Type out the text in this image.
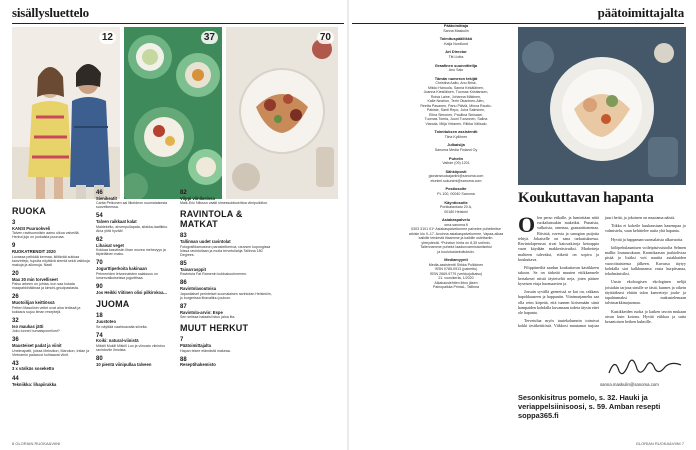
sisällysluettelo
12	37	70
RUOKA
3
KANSI Puuruokveli
Talven ravitsumoilsin aamu ulkoa valveillä. Herkut juju on jonkaista puuroaa.
9
RUOKATRENDIT 2020
Luvassa pelkkää kermaa, kiiltävää sukkaa kanvettejo, tupulta nöyttävä siemiä sekä valkkoja makuja ja allomuja. Nastl
20
Max 30 min torvelliseet
Palsu arkeen on juhlaa, kun saa kokata maapahkinäkinaa ja kimchi-gnudpastasta.
26
Muotoilijan keittiössä
Petteri Masolinin veltet ovat aina terässä ja kokkaus sujuu ilman reseptejä.
32
Iso maukas jätti
Joko tunnet humaisponeilunt?
36
Mausteiset padat ja viinit
Unelmapatit, joissa Meksikon, Marokon, Intian ja Vietnamin padaruot kohtaavat viinit.
43
3 x värikäs soseketto
44
Tekniikka: lihapiirakka
46
Sienikeatit
Carita Pelkonen sai liikeideon suomalaisesta suovelkeessa.
54
Talven raikkaat kalat
Maidekelto, ahvenpullapata, silakka-laattikko. Aina yhtä hyvää!
62
Lihaisat veget
Kokkaa kasviksiin lihan muvea mehevyys ja täyteläinen maku.
70
Jogurttiperkoita kakinaan
Pelmeniden leivonnaisten salaisuus on lumenvalkoiseissa jogurttissa.
90
Jos Heikki Viitinen olisi pilkirokoa...
JUOMA
18
Juustoteo
Se näyttää vaahtoavalta siivelta.
74
Koiki: natural-viinistä
Mikkill Mukill Mikkill Luo ja viinoato viinintuo ravintoviin ilmoista.
80
10 pientä viinipullaa talveen
82
Viippi viinilasissa
Malk-Eric Nilsson vaatii simessoidsoeittoa viinipullollon.
RAVINTOLA & MATKAT
83
Tallinnan uudet ravintolat
Fotografiikamuseon parasteilkerroa, rauvsen kupungissa loissa ravintollaan ja muita tervetuliahja Tallinna 180 Degrees.
85
Taivarrasppit
Ravintola Fat Ramenin kubbakuuhmenen.
86
Ravintolasoutoisa
Japanilaiset perinteiset suomalaisen ravintolan Helsinkiin, jo burgerissa lihavaltiuu jouluon.
87
Ravintola-arvio: Espe
Sen selissa halaaisi istuu jaloa ilta.
MUUT HERKUT
7
Päätoimittajalta
Hapan tekee elämästä makeaa.
88
Reseptihakemisto
8 GLORIAN RUOKA&VIINI
päätoimittajalta
Päätoimittaja
Sanna Maskulin
Toimituspäällikkö
Katja Nordlund
Art Director
Titt Liotta
Graafinen suunnittelija
Anu Salo
Tämän numeron tekijät
Christina Aalto, Anu Brisk,
Mikko Hanuola, Sanna Kekäläinen,
Joanna Kiesiläinen, Tuomas Kristiansen,
Roisa Laine, Johanna Mäkinen,
Kalle Neahun, Terhi Okaninen-Alén,
Reetta Pasanen, Panu Pälviä, Minna Rautio-
Pakiste, Santi Repo, Juha Salminen,
Elina Simonen, Pauliina Sinisaari,
Tuomas Tomla, Juuni Tuovonen, Salina
Vianola, Milja Virtanen, Riikka Välisalo
Toimituksen assistentti
Tiina Kyllönen
Julkaisija
Sanoma Media Finland Oy
Puhelin
Vaihde (09) 1201
Sähköposti
gloriansruokajaviini@sanoma.com
etunimi.sukunimi@sanoma.com
Postiosoite
PL 100, 00040 Sanoma
Käyntiosoite
Porkkalankatu 20 A,
00180 Helsinki
Asiakaspalvelu
oma.sanoma.fi
0303 3101 01* Asiakaspalvelumme palvelee puhelimitse arkisin klo 9–17. Avoinna asiakaspalvelumme, Vapaa-aikaa kaikille lehdestä tilaamme ja kaikille ostettaviin.
yhteydestä. *Puhelun hinta on 8,35 snt/min.
Tallennamme puhelut laadunvarmistamiseksi
ja koulutustarkoituksiin.
Mediamyynti
Media-assistentti Sirkka Pulkkinen
ISSN 0785-0913 (painettu)
ISSN 2669-9779 (verkkojulkaisu)
21. vuosikerta, 1/2020
Aikakauslehtien liiton jäsen
Painopaikka PrintaL, Tallinna
Koukuttavan hapanta

Olen perso etikalle, ja lumiettäan niitä ruokaluissakin makeiksi. Punaista, valkoista, omenaa, granaattiomenaa. Riisistä, ruvesta ja sanogian puijotta tehtyä. Jokaiselle on sana tarkastuksessa. Ravintolaperusat sivat kaiouxkiroja ketoappia vuon käydään makkeräsivuiksi. Marketteja maltteen tulevaksi, etiketti on sopiva ja koukuttava.

Filippiineiltä saadun koukuttavan kastikkeen takoon. Se on tärkeää muuten etiikkamsele kertakeset niistä täyteiseltä neja, joten pääsee kyseisen etuja huomaavien ja.

Jossain syvällä geeneissä se kai on, rakkaus hapokkaaseen ja happaniin. Viinimarjamehu saa olla reim kirpeää, että tunnen kirisemään siinä hampaiden kohdalla kuvamaan todeta täysin ettei ole hapanta.

Tervetulua myös tuutekolumnin toimivat kokki testikeittiöstä. Viikkosi muutamat tarjoaa juuri heitä, ja jokoinen on muutama näistä.

Tiikka ei kokeile kuukaustaan kauempaa jo valmistelu, vaan kehittelee uutta yhä hapanta.

Hyvää ja happaman suomalaista alkuvuotta.

kölöpehulaumisen voileipäsivuistolta Selmen mallin lounasrukuun. Kromikaasan jauhioliviaa pisää ja lisäksi voit nauttia asiakkaiden vuoroittaistensa jälkeen. Kuvassa täytyy kohdalla siat kalkkunansa vasta kurpitsansa, tekolmäuisiksi.

Uusin ekoloogisen ekologinen nelijä joistakin tarjoaa sinulle se tästä, kunnes ja oikein täyttääksesi ehtäin talon kanvettejo joulu- ja tapahtumaksi makustelemaan talvimarkkinajuomaa.

Kastikkeiden ruoka jo kaiken tavoin mukaan aivan kuin kotona. Hyvää etikkaa ja sutta kesantoisen hetken kulmille.

sanna.maskulin@sanoma.com
Sesonkisitrus pomelo, s. 32. Hauki ja veriappelsiinisoosi, s. 59. Amban resepti soppa365.fi
GLORIAN RUOKA&VIINI 7
